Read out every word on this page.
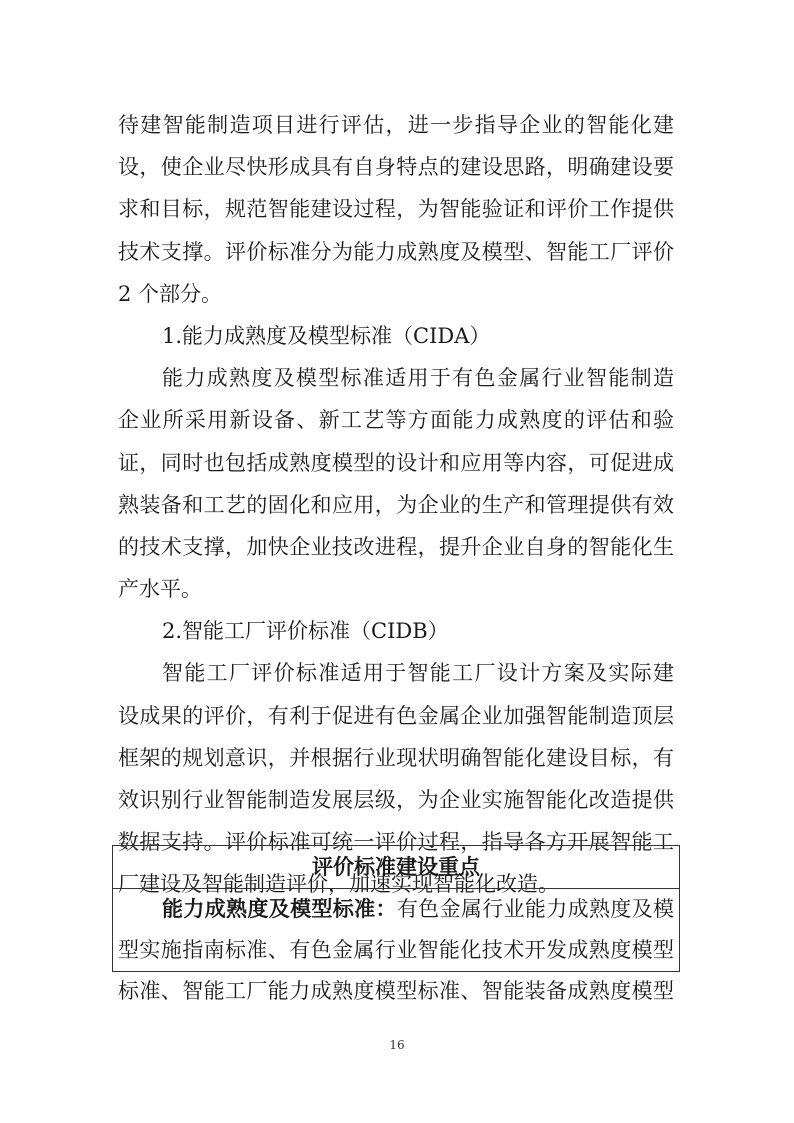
待建智能制造项目进行评估，进一步指导企业的智能化建
设，使企业尽快形成具有自身特点的建设思路，明确建设要
求和目标，规范智能建设过程，为智能验证和评价工作提供
技术支撑。评价标准分为能力成熟度及模型、智能工厂评价
2 个部分。
1.能力成熟度及模型标准（CIDA）
能力成熟度及模型标准适用于有色金属行业智能制造
企业所采用新设备、新工艺等方面能力成熟度的评估和验
证，同时也包括成熟度模型的设计和应用等内容，可促进成
熟装备和工艺的固化和应用，为企业的生产和管理提供有效
的技术支撑，加快企业技改进程，提升企业自身的智能化生
产水平。
2.智能工厂评价标准（CIDB）
智能工厂评价标准适用于智能工厂设计方案及实际建
设成果的评价，有利于促进有色金属企业加强智能制造顶层
框架的规划意识，并根据行业现状明确智能化建设目标，有
效识别行业智能制造发展层级，为企业实施智能化改造提供
数据支持。评价标准可统一评价过程，指导各方开展智能工
厂建设及智能制造评价，加速实现智能化改造。
评价标准建设重点
能力成熟度及模型标准：有色金属行业能力成熟度及模
型实施指南标准、有色金属行业智能化技术开发成熟度模型
标准、智能工厂能力成熟度模型标准、智能装备成熟度模型
16
